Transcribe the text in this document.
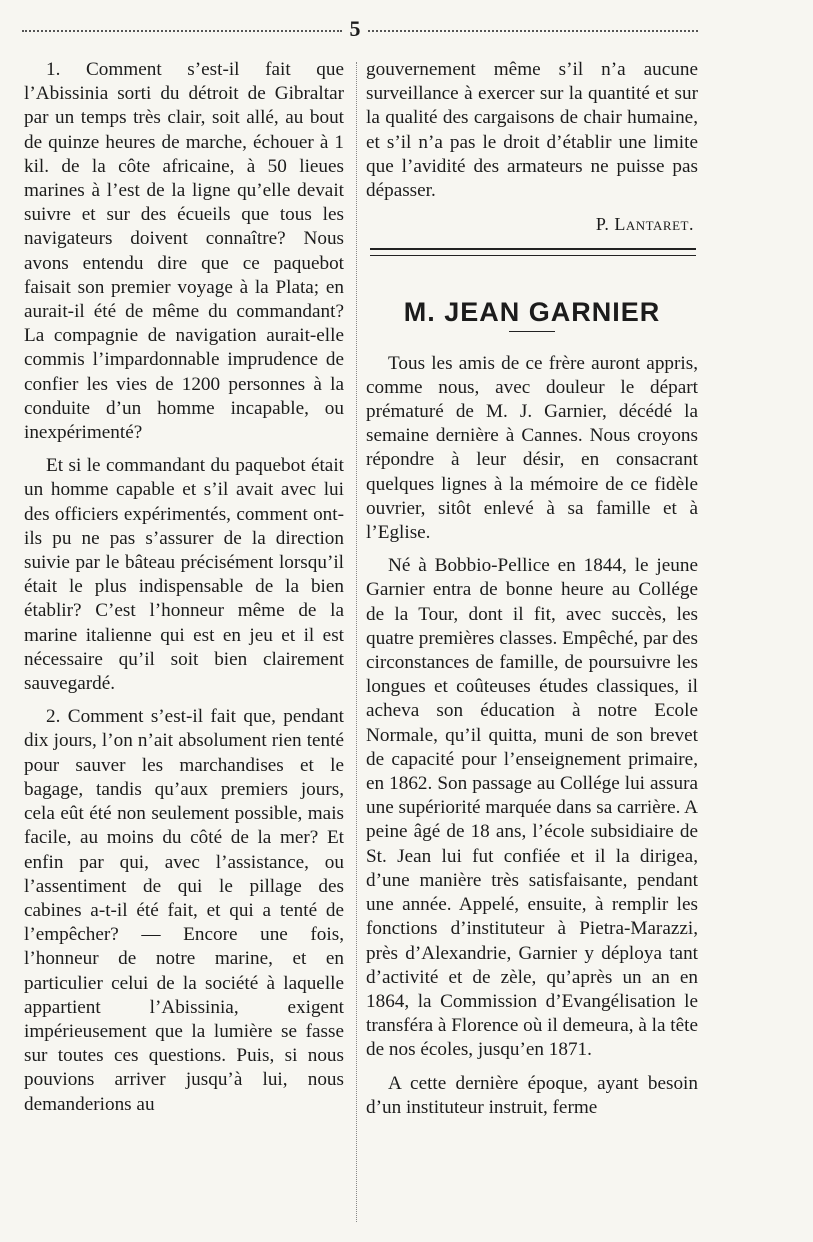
5

1. Comment s’est-il fait que l’Abissinia sorti du détroit de Gibraltar par un temps très clair, soit allé, au bout de quinze heures de marche, échouer à 1 kil. de la côte africaine, à 50 lieues marines à l’est de la ligne qu’elle devait suivre et sur des écueils que tous les navigateurs doivent connaître? Nous avons entendu dire que ce paquebot faisait son premier voyage à la Plata; en aurait-il été de même du commandant? La compagnie de navigation aurait-elle commis l’impardonnable imprudence de confier les vies de 1200 personnes à la conduite d’un homme incapable, ou inexpérimenté?

Et si le commandant du paquebot était un homme capable et s’il avait avec lui des officiers expérimentés, comment ont-ils pu ne pas s’assurer de la direction suivie par le bâteau précisément lorsqu’il était le plus indispensable de la bien établir? C’est l’honneur même de la marine italienne qui est en jeu et il est nécessaire qu’il soit bien clairement sauvegardé.

2. Comment s’est-il fait que, pendant dix jours, l’on n’ait absolument rien tenté pour sauver les marchandises et le bagage, tandis qu’aux premiers jours, cela eût été non seulement possible, mais facile, au moins du côté de la mer? Et enfin par qui, avec l’assistance, ou l’assentiment de qui le pillage des cabines a-t-il été fait, et qui a tenté de l’empêcher? — Encore une fois, l’honneur de notre marine, et en particulier celui de la société à laquelle appartient l’Abissinia, exigent impérieusement que la lumière se fasse sur toutes ces questions. Puis, si nous pouvions arriver jusqu’à lui, nous demanderions au

gouvernement même s’il n’a aucune surveillance à exercer sur la quantité et sur la qualité des cargaisons de chair humaine, et s’il n’a pas le droit d’établir une limite que l’avidité des armateurs ne puisse pas dépasser.

P. Lantaret.
M. JEAN GARNIER

Tous les amis de ce frère auront appris, comme nous, avec douleur le départ prématuré de M. J. Garnier, décédé la semaine dernière à Cannes. Nous croyons répondre à leur désir, en consacrant quelques lignes à la mémoire de ce fidèle ouvrier, sitôt enlevé à sa famille et à l’Eglise.

Né à Bobbio-Pellice en 1844, le jeune Garnier entra de bonne heure au Collége de la Tour, dont il fit, avec succès, les quatre premières classes. Empêché, par des circonstances de famille, de poursuivre les longues et coûteuses études classiques, il acheva son éducation à notre Ecole Normale, qu’il quitta, muni de son brevet de capacité pour l’enseignement primaire, en 1862. Son passage au Collége lui assura une supériorité marquée dans sa carrière. A peine âgé de 18 ans, l’école subsidiaire de St. Jean lui fut confiée et il la dirigea, d’une manière très satisfaisante, pendant une année. Appelé, ensuite, à remplir les fonctions d’instituteur à Pietra-Marazzi, près d’Alexandrie, Garnier y déploya tant d’activité et de zèle, qu’après un an en 1864, la Commission d’Evangélisation le transféra à Florence où il demeura, à la tête de nos écoles, jusqu’en 1871.

A cette dernière époque, ayant besoin d’un instituteur instruit, ferme
